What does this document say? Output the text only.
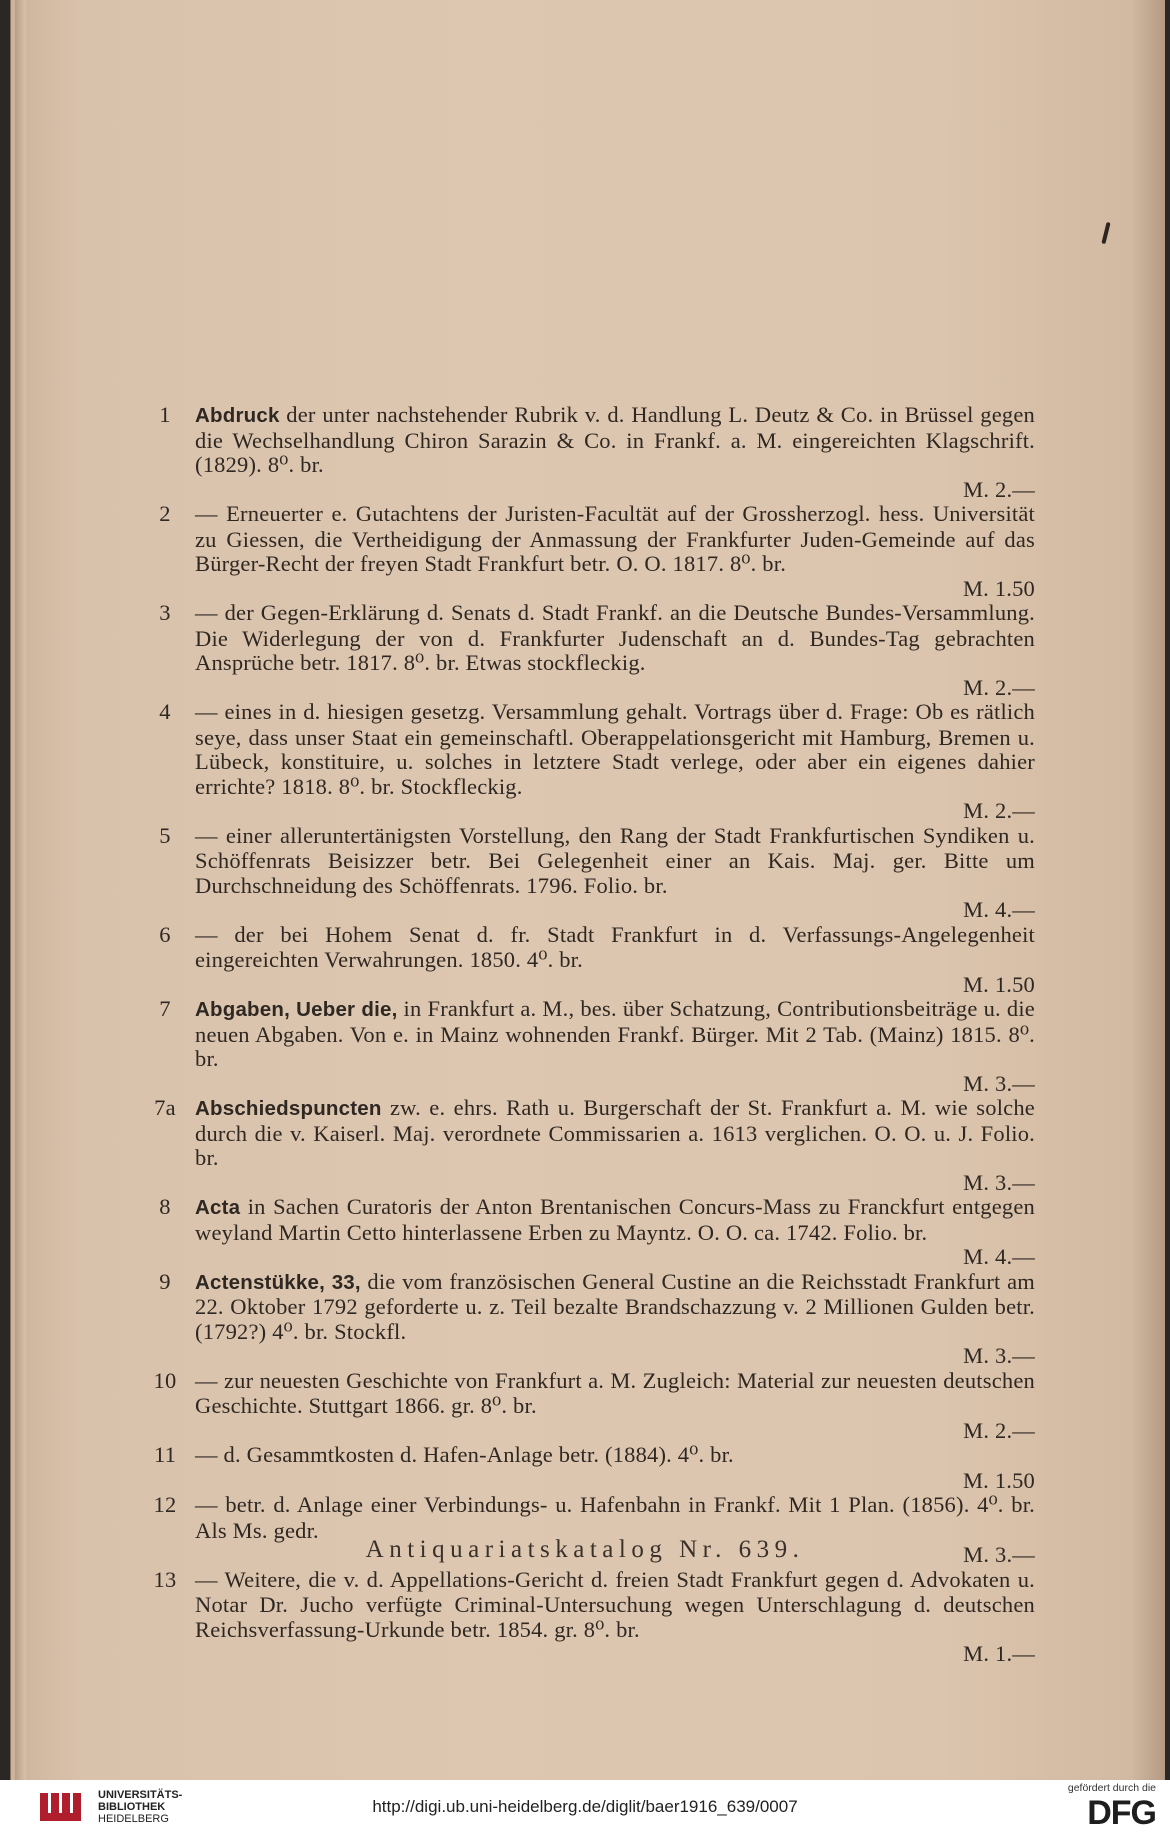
1	Abdruck der unter nachstehender Rubrik v. d. Handlung L. Deutz & Co. in Brüssel gegen die Wechselhandlung Chiron Sarazin & Co. in Frankf. a. M. eingereichten Klagschrift. (1829). 8⁰. br.
M. 2.—
2	— Erneuerter e. Gutachtens der Juristen-Facultät auf der Grossherzogl. hess. Universität zu Giessen, die Vertheidigung der Anmassung der Frankfurter Juden-Gemeinde auf das Bürger-Recht der freyen Stadt Frankfurt betr. O. O. 1817. 8⁰. br.
M. 1.50
3	— der Gegen-Erklärung d. Senats d. Stadt Frankf. an die Deutsche Bundes-Versammlung. Die Widerlegung der von d. Frankfurter Judenschaft an d. Bundes-Tag gebrachten Ansprüche betr. 1817. 8⁰. br. Etwas stockfleckig.
M. 2.—
4	— eines in d. hiesigen gesetzg. Versammlung gehalt. Vortrags über d. Frage: Ob es rätlich seye, dass unser Staat ein gemeinschaftl. Oberappelationsgericht mit Hamburg, Bremen u. Lübeck, konstituire, u. solches in letztere Stadt verlege, oder aber ein eigenes dahier errichte? 1818. 8⁰. br. Stockfleckig.
M. 2.—
5	— einer alleruntertänigsten Vorstellung, den Rang der Stadt Frankfurtischen Syndiken u. Schöffenrats Beisizzer betr. Bei Gelegenheit einer an Kais. Maj. ger. Bitte um Durchschneidung des Schöffenrats. 1796. Folio. br.
M. 4.—
6	— der bei Hohem Senat d. fr. Stadt Frankfurt in d. Verfassungs-Angelegenheit eingereichten Verwahrungen. 1850. 4⁰. br.
M. 1.50
7	Abgaben, Ueber die, in Frankfurt a. M., bes. über Schatzung, Contributionsbeiträge u. die neuen Abgaben. Von e. in Mainz wohnenden Frankf. Bürger. Mit 2 Tab. (Mainz) 1815. 8⁰. br.
M. 3.—
7a Abschiedspuncten zw. e. ehrs. Rath u. Burgerschaft der St. Frankfurt a. M. wie solche durch die v. Kaiserl. Maj. verordnete Commissarien a. 1613 verglichen. O. O. u. J. Folio. br.
M. 3.—
8	Acta in Sachen Curatoris der Anton Brentanischen Concurs-Mass zu Franckfurt entgegen weyland Martin Cetto hinterlassene Erben zu Mayntz. O. O. ca. 1742. Folio. br.
M. 4.—
9	Actenstükke, 33, die vom französischen General Custine an die Reichsstadt Frankfurt am 22. Oktober 1792 geforderte u. z. Teil bezalte Brandschazzung v. 2 Millionen Gulden betr. (1792?) 4⁰. br. Stockfl.
M. 3.—
10 — zur neuesten Geschichte von Frankfurt a. M. Zugleich: Material zur neuesten deutschen Geschichte. Stuttgart 1866. gr. 8⁰. br.
M. 2.—
11 — d. Gesammtkosten d. Hafen-Anlage betr. (1884). 4⁰. br.
M. 1.50
12 — betr. d. Anlage einer Verbindungs- u. Hafenbahn in Frankf. Mit 1 Plan. (1856). 4⁰. br. Als Ms. gedr.
M. 3.—
13 — Weitere, die v. d. Appellations-Gericht d. freien Stadt Frankfurt gegen d. Advokaten u. Notar Dr. Jucho verfügte Criminal-Untersuchung wegen Unterschlagung d. deutschen Reichsverfassung-Urkunde betr. 1854. gr. 8⁰. br.
M. 1.—
Antiquariatskatalog Nr. 639.
UNIVERSITÄTS-
BIBLIOTHEK
HEIDELBERG
http://digi.ub.uni-heidelberg.de/diglit/baer1916_639/0007
gefördert durch die
DFG
